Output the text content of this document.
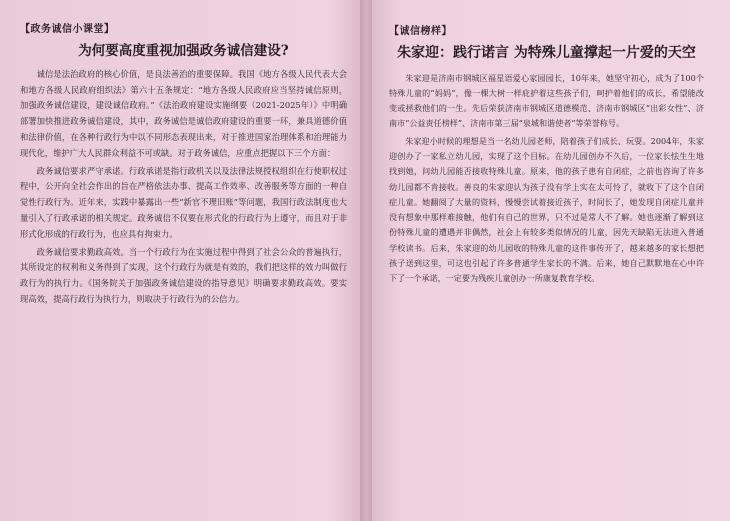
【政务诚信小课堂】
为何要高度重视加强政务诚信建设?

诚信是法治政府的核心价值，是良法善治的重要保障。我国《地方各级人民代表大会和地方各级人民政府组织法》第六十五条规定：“地方各级人民政府应当坚持诚信原则，加强政务诚信建设，建设诚信政府。”《法治政府建设实施纲要（2021-2025年）》中明确部署加快推进政务诚信建设，其中，政务诚信是诚信政府建设的重要一环，兼具道德价值和法律价值，在各种行政行为中以不同形态表现出来，对于推进国家治理体系和治理能力现代化，维护广大人民群众利益不可或缺。对于政务诚信，应重点把握以下三个方面：

政务诚信要求严守承诺。行政承诺是指行政机关以及法律法规授权组织在行使职权过程中，公开向全社会作出的旨在严格依法办事、提高工作效率、改善服务等方面的一种自觉性行政行为。近年来，实践中暴露出一些“新官不理旧账”等问题，我国行政法制度也大量引入了行政承诺的相关规定。政务诚信不仅要在形式化的行政行为上遵守，而且对于非形式化形成的行政行为，也应具有拘束力。

政务诚信要求勤政高效。当一个行政行为在实施过程中得到了社会公众的普遍执行，其所设定的权利和义务得到了实现，这个行政行为就是有效的，我们把这样的效力叫做行政行为的执行力。《国务院关于加强政务诚信建设的指导意见》明确要求勤政高效。要实现高效，提高行政行为执行力，则取决于行政行为的公信力。

【诚信榜样】
朱家迎：践行诺言 为特殊儿童撑起一片爱的天空

朱家迎是济南市钢城区福星语爱心家园园长，10年来，她坚守初心，成为了100个特殊儿童的“妈妈”，像一棵大树一样庇护着这些孩子们，呵护着他们的成长，希望能改变或拯救他们的一生。先后荣获济南市钢城区道德模范、济南市钢城区“出彩女性”、济南市“公益责任榜样”、济南市第三届“泉城和谐使者”等荣誉称号。

朱家迎小时候的理想是当一名幼儿园老师，陪着孩子们成长、玩耍。2004年，朱家迎创办了一家私立幼儿园，实现了这个目标。在幼儿园创办不久后，一位家长怯生生地找到她，问幼儿园能否接收特殊儿童。原来，他的孩子患有自闭症，之前也咨询了许多幼儿园都不肯接收。善良的朱家迎认为孩子没有学上实在太可怜了，就收下了这个自闭症儿童。她翻阅了大量的资料，慢慢尝试着接近孩子，时间长了，她发现自闭症儿童并没有想象中那样难接触，他们有自己的世界，只不过是常人不了解。她也逐渐了解到这份特殊儿童的遭遇并非偶然，社会上有较多类似情况的儿童，因先天缺陷无法进入普通学校读书。后来，朱家迎的幼儿园收的特殊儿童的这件事传开了，越来越多的家长想把孩子送到这里，可这也引起了许多普通学生家长的不满。后来，她自己默默地在心中许下了一个承诺，一定要为残疾儿童创办一所康复教育学校。
